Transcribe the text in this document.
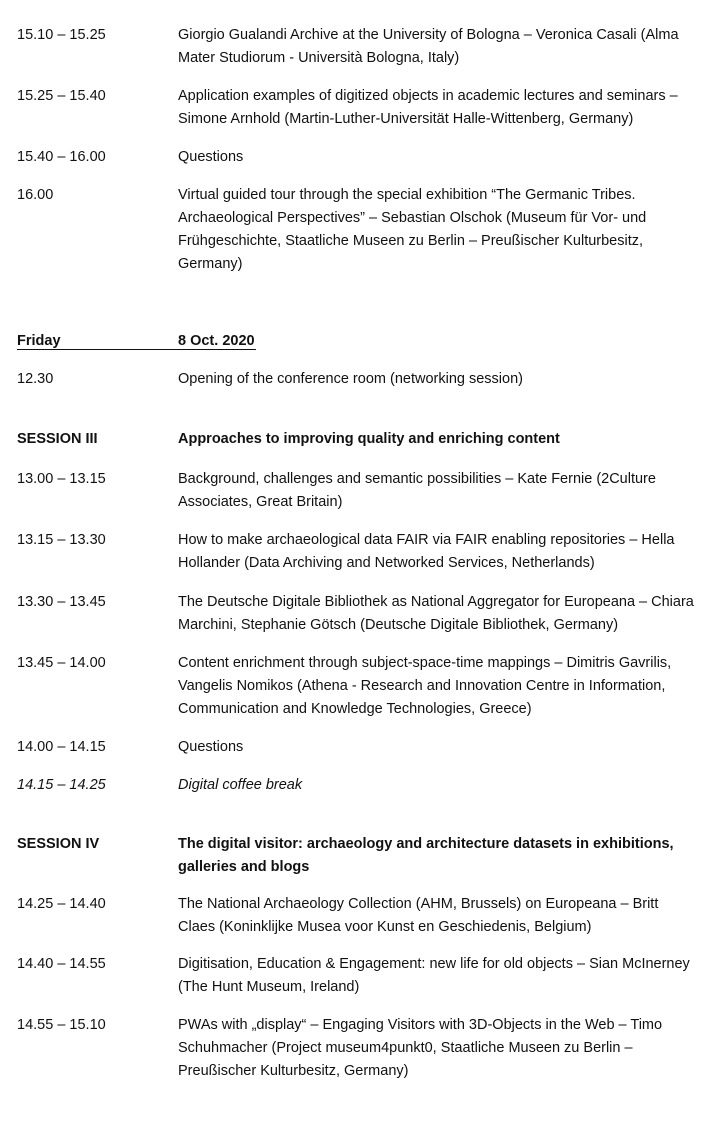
15.10 – 15.25	Giorgio Gualandi Archive at the University of Bologna – Veronica Casali (Alma Mater Studiorum - Università Bologna, Italy)
15.25 – 15.40	Application examples of digitized objects in academic lectures and seminars – Simone Arnhold (Martin-Luther-Universität Halle-Wittenberg, Germany)
15.40 – 16.00	Questions
16.00	Virtual guided tour through the special exhibition “The Germanic Tribes. Archaeological Perspectives” – Sebastian Olschok (Museum für Vor- und Frühgeschichte, Staatliche Museen zu Berlin – Preußischer Kulturbesitz, Germany)
Friday	8 Oct. 2020
12.30	Opening of the conference room (networking session)
SESSION III	Approaches to improving quality and enriching content
13.00 – 13.15	Background, challenges and semantic possibilities – Kate Fernie (2Culture Associates, Great Britain)
13.15 – 13.30	How to make archaeological data FAIR via FAIR enabling repositories – Hella Hollander (Data Archiving and Networked Services, Netherlands)
13.30 – 13.45	The Deutsche Digitale Bibliothek as National Aggregator for Europeana – Chiara Marchini, Stephanie Götsch (Deutsche Digitale Bibliothek, Germany)
13.45 – 14.00	Content enrichment through subject-space-time mappings – Dimitris Gavrilis, Vangelis Nomikos (Athena - Research and Innovation Centre in Information, Communication and Knowledge Technologies, Greece)
14.00 – 14.15	Questions
14.15 – 14.25	Digital coffee break
SESSION IV	The digital visitor: archaeology and architecture datasets in exhibitions, galleries and blogs
14.25 – 14.40	The National Archaeology Collection (AHM, Brussels) on Europeana – Britt Claes (Koninklijke Musea voor Kunst en Geschiedenis, Belgium)
14.40 – 14.55	Digitisation, Education & Engagement: new life for old objects – Sian McInerney (The Hunt Museum, Ireland)
14.55 – 15.10	PWAs with „display“ – Engaging Visitors with 3D-Objects in the Web – Timo Schuhmacher (Project museum4punkt0, Staatliche Museen zu Berlin – Preußischer Kulturbesitz, Germany)
